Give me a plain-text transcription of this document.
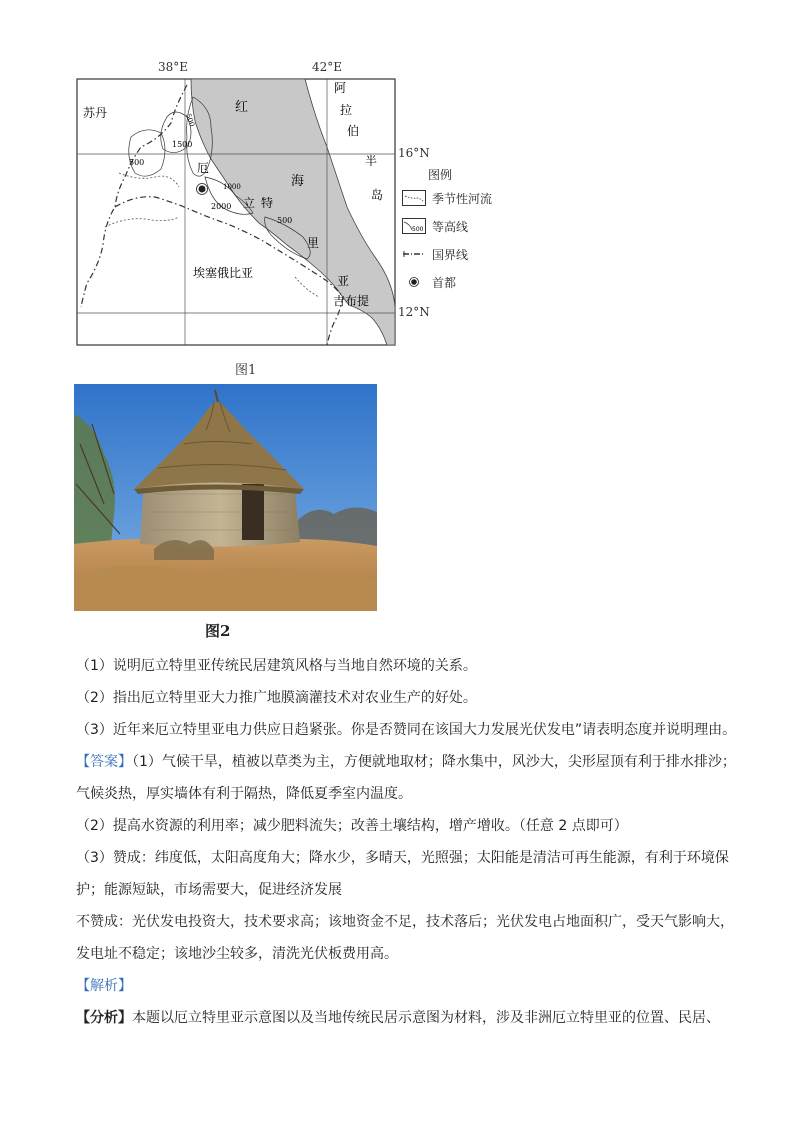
500
1500
500
2000
500
1000
苏丹	红
海
阿
拉
伯
半
岛
厄
立 特
里
亚
埃塞俄比亚
吉布提
38°E	42°E
16°N
12°N
图例
季节性河流
500 等高线
国界线
首都
图1
图2
（1）说明厄立特里亚传统民居建筑风格与当地自然环境的关系。
（2）指出厄立特里亚大力推广地膜滴灌技术对农业生产的好处。
（3）近年来厄立特里亚电力供应日趋紧张。你是否赞同在该国大力发展光伏发电”请表明态度并说明理由。
【答案】（1）气候干旱，植被以草类为主，方便就地取材；降水集中，风沙大，尖形屋顶有利于排水排沙；
气候炎热，厚实墙体有利于隔热，降低夏季室内温度。
（2）提高水资源的利用率；减少肥料流失；改善土壤结构，增产增收。（任意 2 点即可）
（3）赞成：纬度低，太阳高度角大；降水少，多晴天，光照强；太阳能是清洁可再生能源，有利于环境保
护；能源短缺，市场需要大，促进经济发展
不赞成：光伏发电投资大，技术要求高；该地资金不足，技术落后；光伏发电占地面积广，受天气影响大，
发电址不稳定；该地沙尘较多，清洗光伏板费用高。
【解析】
【分析】本题以厄立特里亚示意图以及当地传统民居示意图为材料，涉及非洲厄立特里亚的位置、民居、
